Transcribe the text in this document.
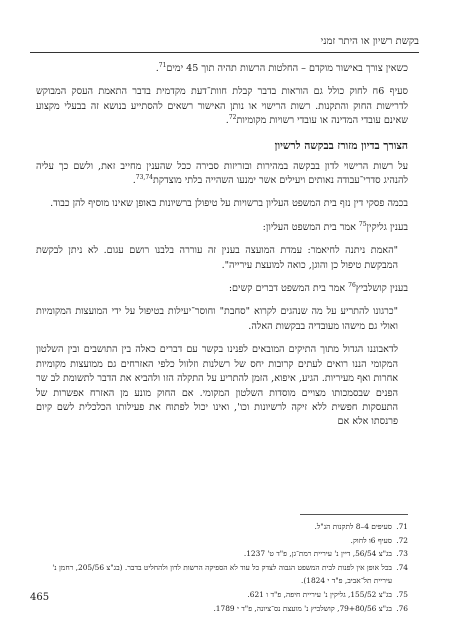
בקשת רשיון או היתר זמני

כשאין צורך באישור מוקדם – החלטות הרשות תהיה תוך 45 ימים$^{71}$.

סעיף 6ח לחוק כולל גם הוראות בדבר קבלת חוות־דעת מקדמית בדבר התאמת העסק המבוקש לדרישות החוק והתקנות. רשות הרישוי או נותן האישור רשאים להסתייע בנושא זה בבעלי מקצוע שאינם עובדי המדינה או עובדי רשויות מקומיות$^{72}$.

הצורך בדיון מזורז בבקשה לרשיון

על רשות הרישוי לדון בבקשה במהירות ובזריזות סבירה ככל שהענין מחייב זאת, ולשם כך עליה להנהיג סדרי־עבודה נאותים ויעילים אשר ימנעו השהייה בלתי מוצדקת$^{73,74}$.

בכמה פסקי דין נזף בית המשפט העליון ברשויות על טיפולן ברשיונות באופן שאינו מוסיף להן כבוד.

בענין גליקין$^{75}$ אמר בית המשפט העליון:

"האמת ניתנה לחיאמר: עמדת המועצה בענין זה עוררה בלבנו רושם עגום. לא ניתן לבקשת המבקשת טיפול כן והוגן, כואה למועצת עירייה".

בענין קושלביץ$^{76}$ אמר בית המשפט דברים קשים:

"כרגונו להתריע על מה שנהגים לקרוא "סחבת" וחוסר־יעילות בטיפול על ידי המועצות המקומיות ואולי גם מישהו מעובדיה בבקשות האלה.

לדאבוננו הגדול מתוך התיקים המובאים לפנינו בקשר עם דברים כאלה בין התושבים ובין השלטון המקומי הננו רואים לעתים קרובות יחס של רשלנות וזלזול כלפי האזרחים גם ממועצות מקומיות אחרות ואף מעיריות. הגיע, איפוא, הזמן להתריע על התקלה הזו ולהביא את הדבר לתשומת לב שר הפנים שבסמכותו מצויים מוסדות השלטון המקומי. אם החוק מונע מן האזרח אפשרות של התעסקות חפשית ללא זיקה לרשיונות וכו', ואינו יכול לפתוח את פעילותו הכלכלית לשם קיום פרנסתו אלא אם

71.
סעיפים 4–8 לתקנות הנ"ל.
72.
סעיף 6ו לחוק.
73.
בג"צ 56/54, דיין נ' עיריית רמת־גן, פ"ד ט' 1237.
74.
בכל אופן אין לפנות לבית המשפט הגבוה לצדק כל עוד לא הספיקה הרשות לדון ולהחליט בדבר. (בג"צ 205/56, רחמן נ' עיריית תל־אביב, פ"ד י 1824).
75.
בג"צ 155/52, גליקין נ' עיריית חיפה, פ"ד ו 621.
76.
בג"צ 79+80/56, קושלביץ נ' מועצת נס־ציונה, פ"ד י 1789.
465
